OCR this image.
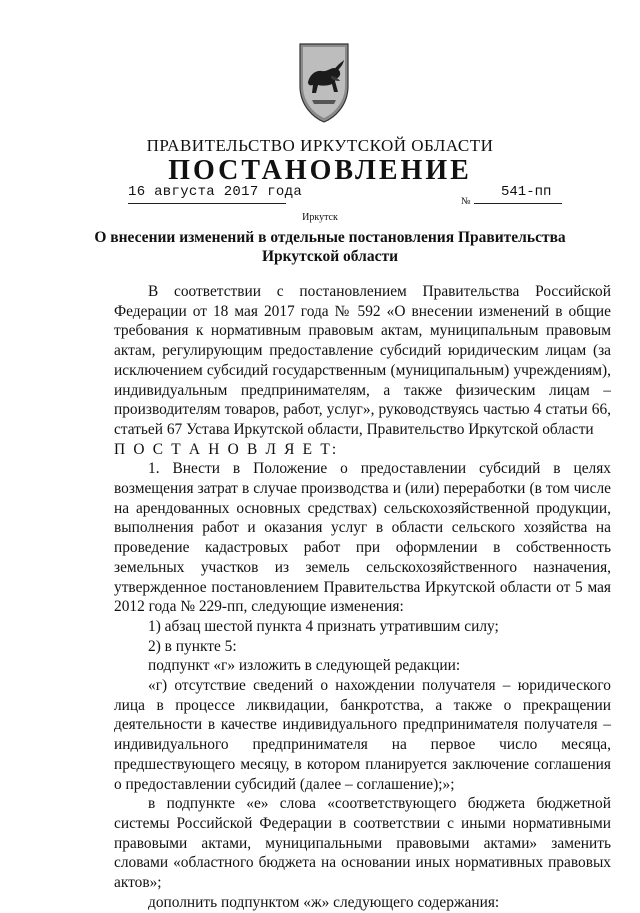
ПРАВИТЕЛЬСТВО ИРКУТСКОЙ ОБЛАСТИ
ПОСТАНОВЛЕНИЕ
16 августа 2017 года
№
541-пп
Иркутск
О внесении изменений в отдельные постановления Правительства Иркутской области

В соответствии с постановлением Правительства Российской Федерации от 18 мая 2017 года № 592 «О внесении изменений в общие требования к нормативным правовым актам, муниципальным правовым актам, регулирующим предоставление субсидий юридическим лицам (за исключением субсидий государственным (муниципальным) учреждениям), индивидуальным предпринимателям, а также физическим лицам – производителям товаров, работ, услуг», руководствуясь частью 4 статьи 66, статьей 67 Устава Иркутской области, Правительство Иркутской области

П О С Т А Н О В Л Я Е Т:

1. Внести в Положение о предоставлении субсидий в целях возмещения затрат в случае производства и (или) переработки (в том числе на арендованных основных средствах) сельскохозяйственной продукции, выполнения работ и оказания услуг в области сельского хозяйства на проведение кадастровых работ при оформлении в собственность земельных участков из земель сельскохозяйственного назначения, утвержденное постановлением Правительства Иркутской области от 5 мая 2012 года № 229-пп, следующие изменения:

1) абзац шестой пункта 4 признать утратившим силу;

2) в пункте 5:

подпункт «г» изложить в следующей редакции:

«г) отсутствие сведений о нахождении получателя – юридического лица в процессе ликвидации, банкротства, а также о прекращении деятельности в качестве индивидуального предпринимателя получателя – индивидуального предпринимателя на первое число месяца, предшествующего месяцу, в котором планируется заключение соглашения о предоставлении субсидий (далее – соглашение);»;

в подпункте «е» слова «соответствующего бюджета бюджетной системы Российской Федерации в соответствии с иными нормативными правовыми актами, муниципальными правовыми актами» заменить словами «областного бюджета на основании иных нормативных правовых актов»;

дополнить подпунктом «ж» следующего содержания:
